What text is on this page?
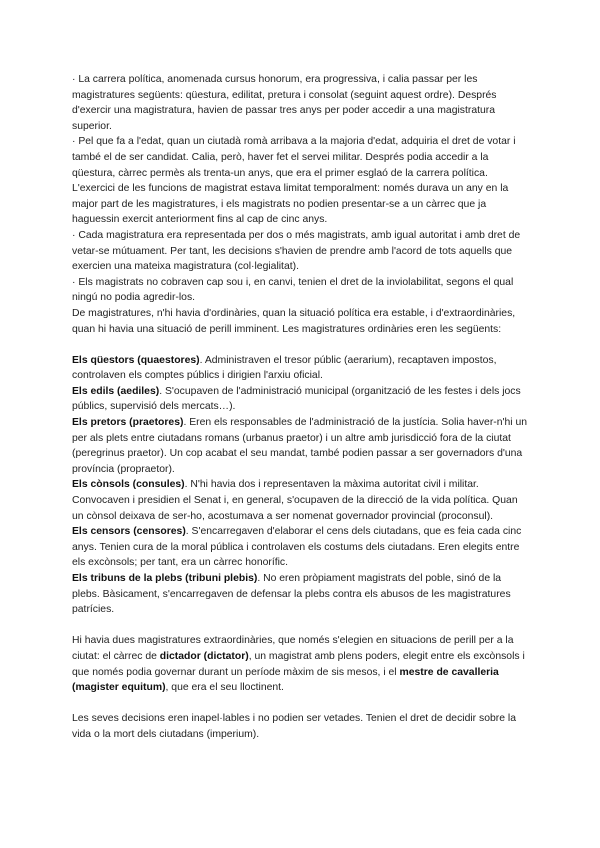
· La carrera política, anomenada cursus honorum, era progressiva, i calia passar per les magistratures següents: qüestura, edilitat, pretura i consolat (seguint aquest ordre). Després d'exercir una magistratura, havien de passar tres anys per poder accedir a una magistratura superior.

· Pel que fa a l'edat, quan un ciutadà romà arribava a la majoria d'edat, adquiria el dret de votar i també el de ser candidat. Calia, però, haver fet el servei militar. Després podia accedir a la qüestura, càrrec permès als trenta-un anys, que era el primer esglaó de la carrera política.

L'exercici de les funcions de magistrat estava limitat temporalment: només durava un any en la major part de les magistratures, i els magistrats no podien presentar-se a un càrrec que ja haguessin exercit anteriorment fins al cap de cinc anys.

· Cada magistratura era representada per dos o més magistrats, amb igual autoritat i amb dret de vetar-se mútuament. Per tant, les decisions s'havien de prendre amb l'acord de tots aquells que exercien una mateixa magistratura (col·legialitat).

· Els magistrats no cobraven cap sou i, en canvi, tenien el dret de la inviolabilitat, segons el qual ningú no podia agredir-los.

De magistratures, n'hi havia d'ordinàries, quan la situació política era estable, i d'extraordinàries, quan hi havia una situació de perill imminent. Les magistratures ordinàries eren les següents:

Els qüestors (quaestores). Administraven el tresor públic (aerarium), recaptaven impostos, controlaven els comptes públics i dirigien l'arxiu oficial.

Els edils (aediles). S'ocupaven de l'administració municipal (organització de les festes i dels jocs públics, supervisió dels mercats…).

Els pretors (praetores). Eren els responsables de l'administració de la justícia. Solia haver-n'hi un per als plets entre ciutadans romans (urbanus praetor) i un altre amb jurisdicció fora de la ciutat (peregrinus praetor). Un cop acabat el seu mandat, també podien passar a ser governadors d'una província (propraetor).

Els cònsols (consules). N'hi havia dos i representaven la màxima autoritat civil i militar. Convocaven i presidien el Senat i, en general, s'ocupaven de la direcció de la vida política. Quan un cònsol deixava de ser-ho, acostumava a ser nomenat governador provincial (proconsul).

Els censors (censores). S'encarregaven d'elaborar el cens dels ciutadans, que es feia cada cinc anys. Tenien cura de la moral pública i controlaven els costums dels ciutadans. Eren elegits entre els excònsols; per tant, era un càrrec honorífic.

Els tribuns de la plebs (tribuni plebis). No eren pròpiament magistrats del poble, sinó de la plebs. Bàsicament, s'encarregaven de defensar la plebs contra els abusos de les magistratures patrícies.

Hi havia dues magistratures extraordinàries, que només s'elegien en situacions de perill per a la ciutat: el càrrec de dictador (dictator), un magistrat amb plens poders, elegit entre els excònsols i que només podia governar durant un període màxim de sis mesos, i el mestre de cavalleria (magister equitum), que era el seu lloctinent.

Les seves decisions eren inapel·lables i no podien ser vetades. Tenien el dret de decidir sobre la vida o la mort dels ciutadans (imperium).
